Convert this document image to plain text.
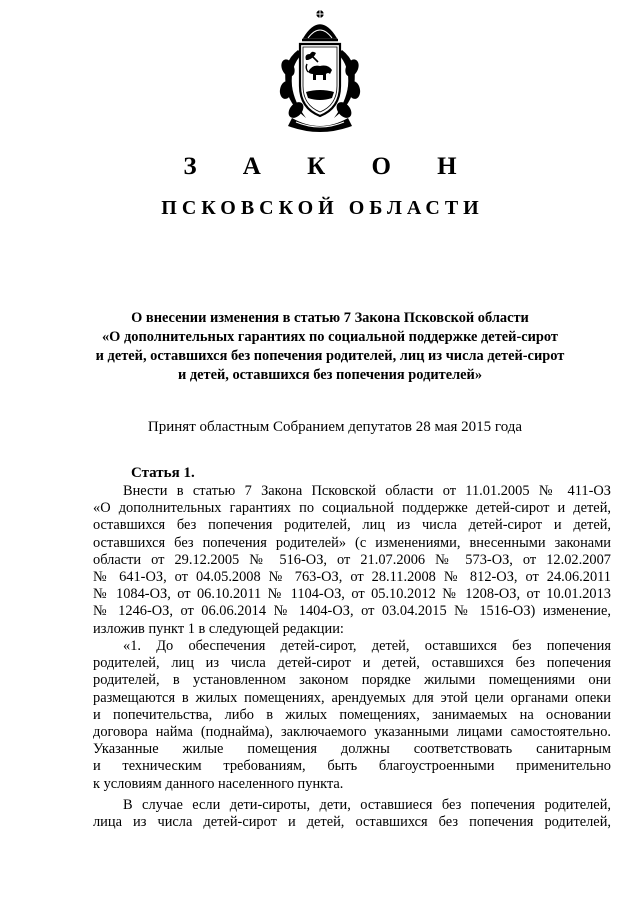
З А К О Н
ПСКОВСКОЙ ОБЛАСТИ
О внесении изменения в статью 7 Закона Псковской области
«О дополнительных гарантиях по социальной поддержке детей-сирот
и детей, оставшихся без попечения родителей, лиц из числа детей-сирот
и детей, оставшихся без попечения родителей»
Принят областным Собранием депутатов 28 мая 2015 года
Статья 1.
Внести в статью 7 Закона Псковской области от 11.01.2005 № 411-ОЗ
«О дополнительных гарантиях по социальной поддержке детей-сирот и детей,
оставшихся без попечения родителей, лиц из числа детей-сирот и детей,
оставшихся без попечения родителей» (с изменениями, внесенными законами
области от 29.12.2005 № 516-ОЗ, от 21.07.2006 № 573-ОЗ, от 12.02.2007
№ 641-ОЗ, от 04.05.2008 № 763-ОЗ, от 28.11.2008 № 812-ОЗ, от 24.06.2011
№ 1084-ОЗ, от 06.10.2011 № 1104-ОЗ, от 05.10.2012 № 1208-ОЗ, от 10.01.2013
№ 1246-ОЗ, от 06.06.2014 № 1404-ОЗ, от 03.04.2015 № 1516-ОЗ) изменение,
изложив пункт 1 в следующей редакции:
«1. До обеспечения детей-сирот, детей, оставшихся без попечения
родителей, лиц из числа детей-сирот и детей, оставшихся без попечения
родителей, в установленном законом порядке жилыми помещениями они
размещаются в жилых помещениях, арендуемых для этой цели органами опеки
и попечительства, либо в жилых помещениях, занимаемых на основании
договора найма (поднайма), заключаемого указанными лицами самостоятельно.
Указанные жилые помещения должны соответствовать санитарным
и техническим требованиям, быть благоустроенными применительно
к условиям данного населенного пункта.
В случае если дети-сироты, дети, оставшиеся без попечения родителей,
лица из числа детей-сирот и детей, оставшихся без попечения родителей,
